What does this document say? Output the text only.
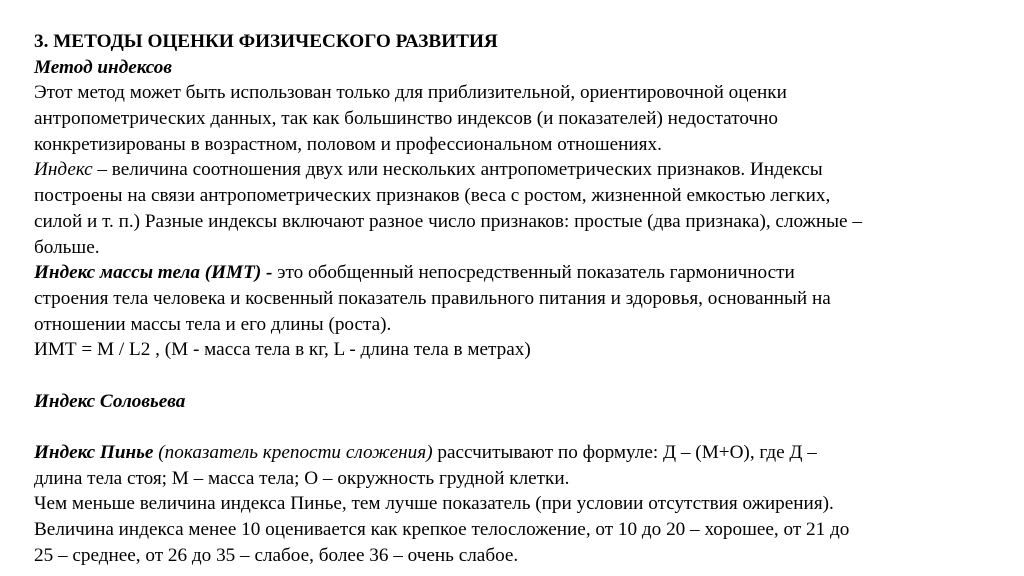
3. МЕТОДЫ ОЦЕНКИ ФИЗИЧЕСКОГО РАЗВИТИЯ
Метод индексов
Этот метод может быть использован только для приблизительной, ориентировочной оценки
антропометрических данных, так как большинство индексов (и показателей) недостаточно
конкретизированы в возрастном, половом и профессиональном отношениях.
Индекс – величина соотношения двух или нескольких антропометрических признаков. Индексы
построены на связи антропометрических признаков (веса с ростом, жизненной емкостью легких,
силой и т. п.) Разные индексы включают разное число признаков: простые (два признака), сложные –
больше.
Индекс массы тела (ИМТ) - это обобщенный непосредственный показатель гармоничности
строения тела человека и косвенный показатель правильного питания и здоровья, основанный на
отношении массы тела и его длины (роста).
ИМТ = М / L2 , (М - масса тела в кг, L - длина тела в метрах)
Индекс Соловьева
Индекс Пинье (показатель крепости сложения) рассчитывают по формуле: Д – (М+О), где Д –
длина тела стоя; М – масса тела; О – окружность грудной клетки.
Чем меньше величина индекса Пинье, тем лучше показатель (при условии отсутствия ожирения).
Величина индекса менее 10 оценивается как крепкое телосложение, от 10 до 20 – хорошее, от 21 до
25 – среднее, от 26 до 35 – слабое, более 36 – очень слабое.
